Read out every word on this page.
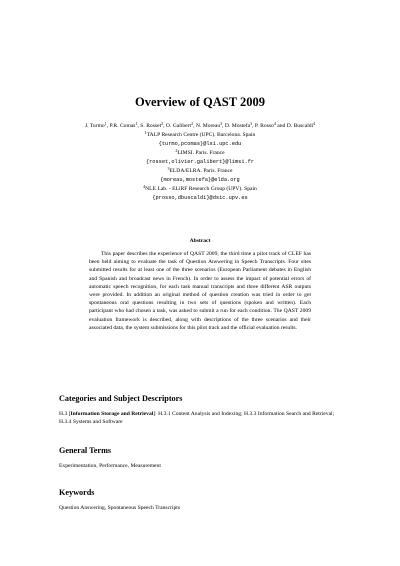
Overview of QAST 2009
J. Turmo$^1$, P.R. Comas$^1$, S. Rosset$^2$, O. Galibert$^2$, N. Moreau$^3$, D. Mostefa$^3$, P. Rosso$^4$ and D. Buscaldi$^4$
$^1$TALP Research Centre (UPC). Barcelona. Spain
{turmo,pcomas}@lsi.upc.edu
$^2$LIMSI. Paris. France
{rosset,olivier.galibert}@limsi.fr
$^3$ELDA/ELRA. Paris. France
{moreau,mostefa}@elda.org
$^4$NLE Lab. - ELiRF Research Group (UPV). Spain
{prosso,dbuscaldi}@dsic.upv.es
Abstract
This paper describes the experience of QAST 2009, the third time a pilot track of CLEF has been held aiming to evaluate the task of Question Answering in Speech Transcripts. Four sites submitted results for at least one of the three scenarios (European Parliament debates in English and Spanish and broadcast news in French). In order to assess the impact of potential errors of automatic speech recognition, for each task manual transcripts and three different ASR outputs were provided. In addition an original method of question creation was tried in order to get spontaneous oral questions resulting in two sets of questions (spoken and written). Each participant who had chosen a task, was asked to submit a run for each condition. The QAST 2009 evaluation framework is described, along with descriptions of the three scenarios and their associated data, the system submissions for this pilot track and the official evaluation results.
Categories and Subject Descriptors
H.3 [Information Storage and Retrieval]: H.3.1 Content Analysis and Indexing; H.3.3 Information Search and Retrieval; H.3.4 Systems and Software
General Terms
Experimentation, Performance, Measurement
Keywords
Question Answering, Spontaneous Speech Transcripts
